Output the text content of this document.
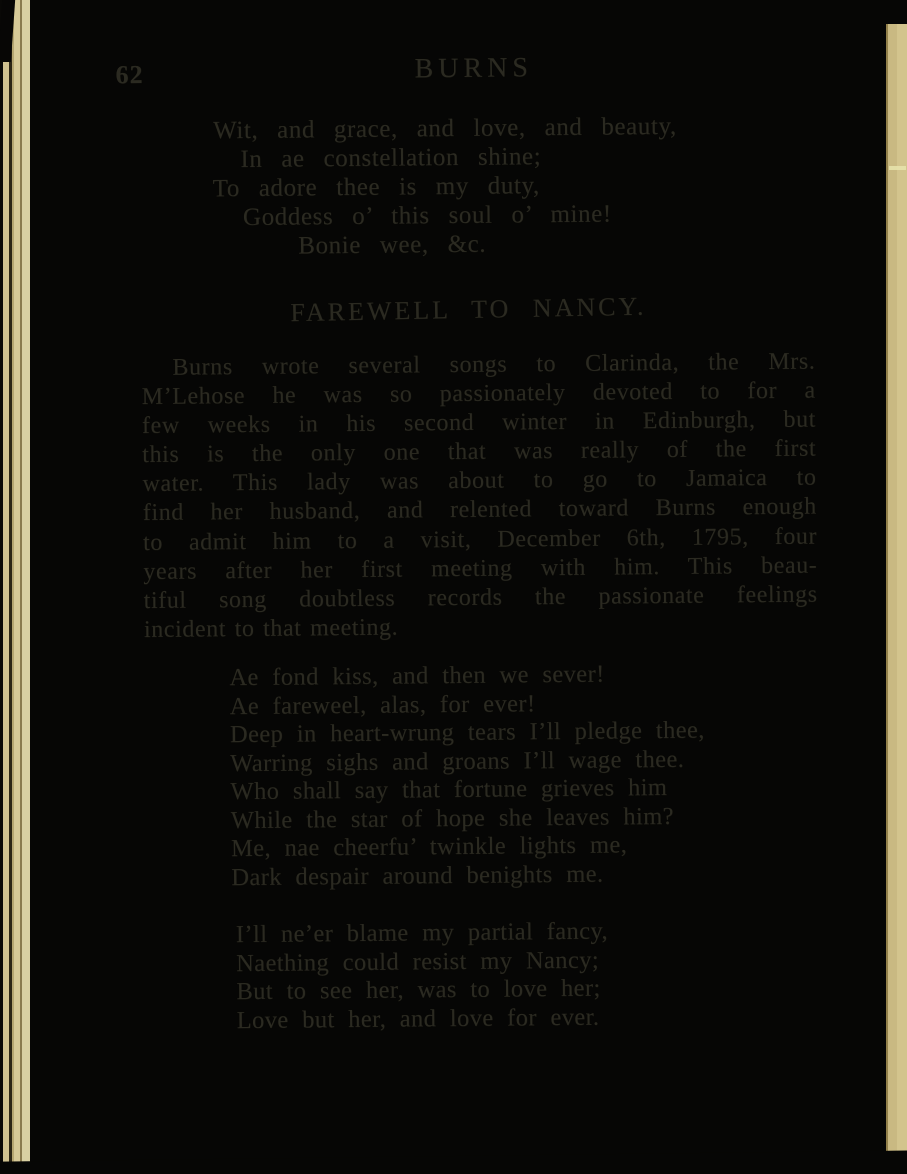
62	BURNS
Wit, and grace, and love, and beauty,
In ae constellation shine;
To adore thee is my duty,
Goddess o’ this soul o’ mine!
Bonie wee, &c.
FAREWELL TO NANCY.
Burns wrote several songs to Clarinda, the Mrs.
M’Lehose he was so passionately devoted to for a
few weeks in his second winter in Edinburgh, but
this is the only one that was really of the first
water. This lady was about to go to Jamaica to
find her husband, and relented toward Burns enough
to admit him to a visit, December 6th, 1795, four
years after her first meeting with him. This beau-
tiful song doubtless records the passionate feelings
incident to that meeting.
Ae fond kiss, and then we sever!
Ae fareweel, alas, for ever!
Deep in heart-wrung tears I’ll pledge thee,
Warring sighs and groans I’ll wage thee.
Who shall say that fortune grieves him
While the star of hope she leaves him?
Me, nae cheerfu’ twinkle lights me,
Dark despair around benights me.
I’ll ne’er blame my partial fancy,
Naething could resist my Nancy;
But to see her, was to love her;
Love but her, and love for ever.
